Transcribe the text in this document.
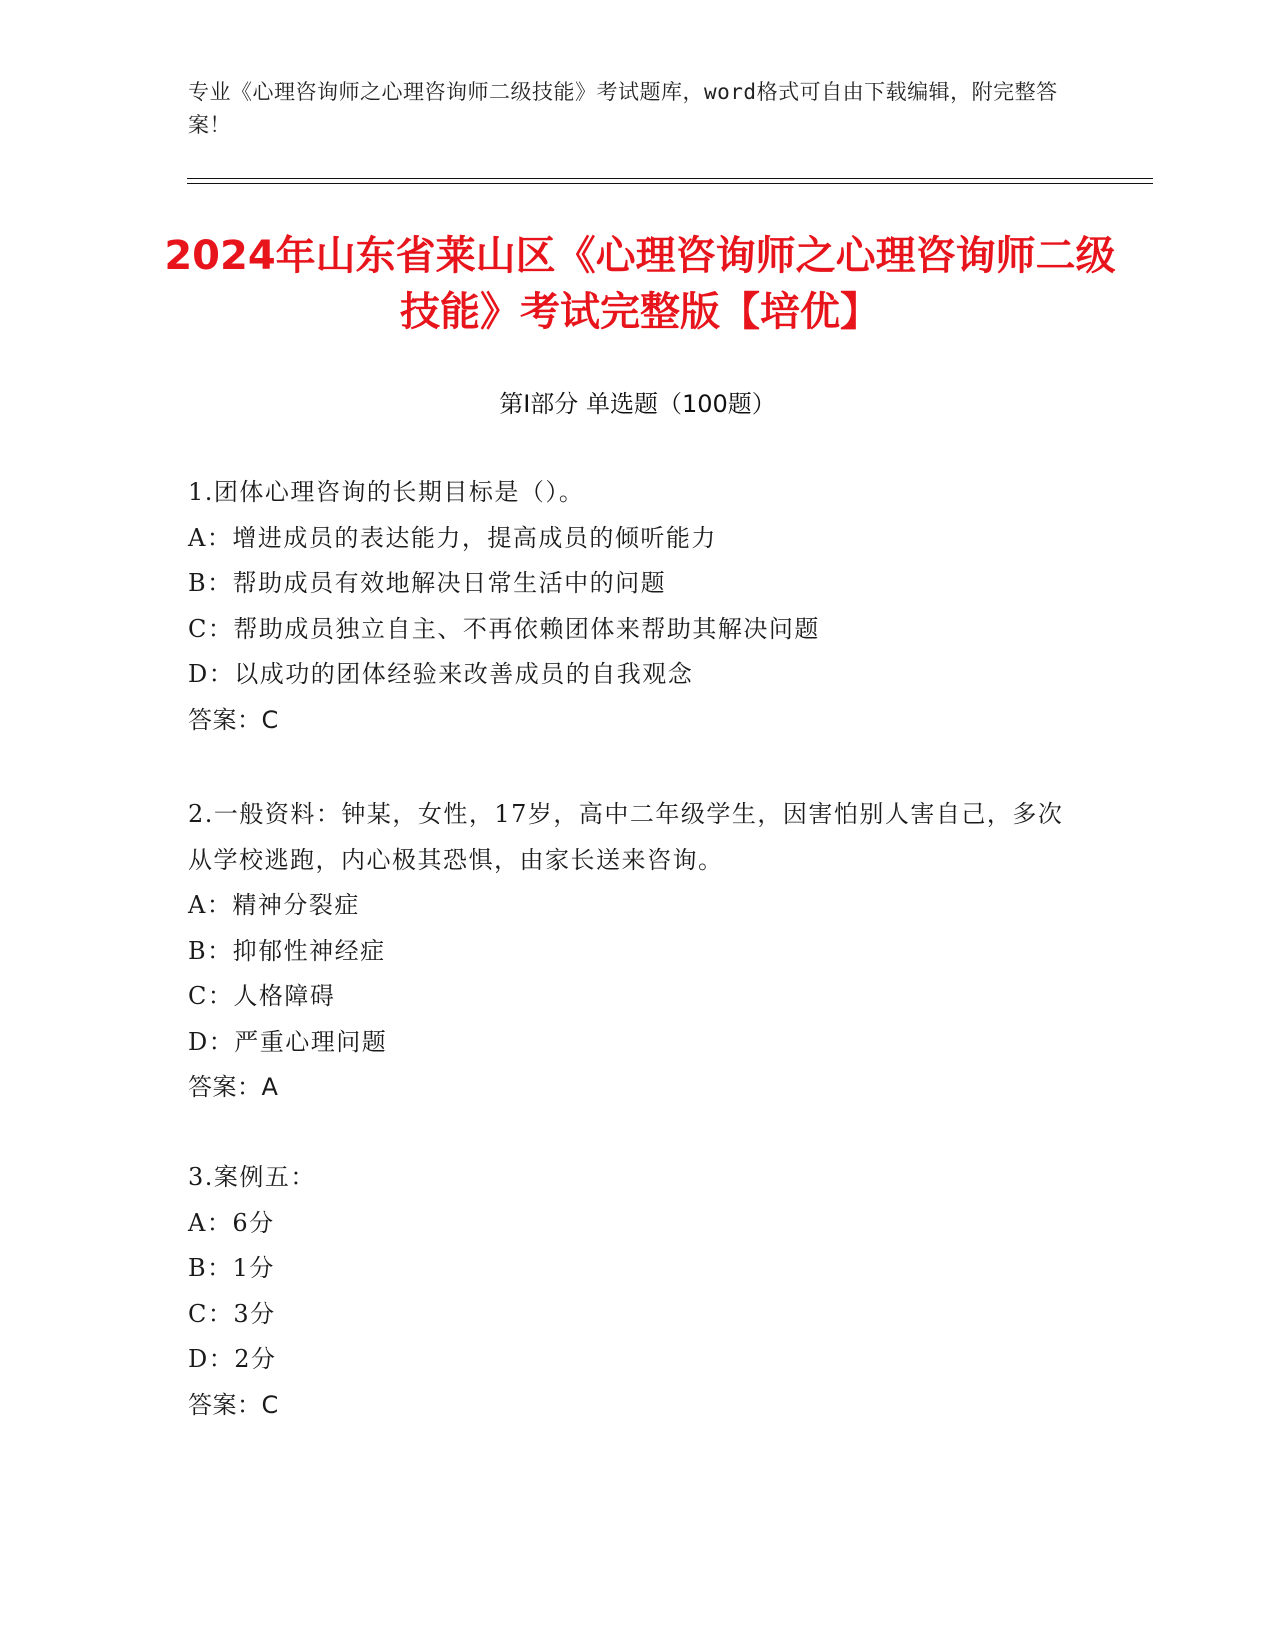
专业《心理咨询师之心理咨询师二级技能》考试题库，word格式可自由下载编辑，附完整答案！
2024年山东省莱山区《心理咨询师之心理咨询师二级技能》考试完整版【培优】
第I部分 单选题（100题）
1.团体心理咨询的长期目标是（）。
A：增进成员的表达能力，提高成员的倾听能力
B：帮助成员有效地解决日常生活中的问题
C：帮助成员独立自主、不再依赖团体来帮助其解决问题
D：以成功的团体经验来改善成员的自我观念
答案：C
2.一般资料：钟某，女性，17岁，高中二年级学生，因害怕别人害自己，多次从学校逃跑，内心极其恐惧，由家长送来咨询。
A：精神分裂症
B：抑郁性神经症
C：人格障碍
D：严重心理问题
答案：A
3.案例五：
A：6分
B：1分
C：3分
D：2分
答案：C
